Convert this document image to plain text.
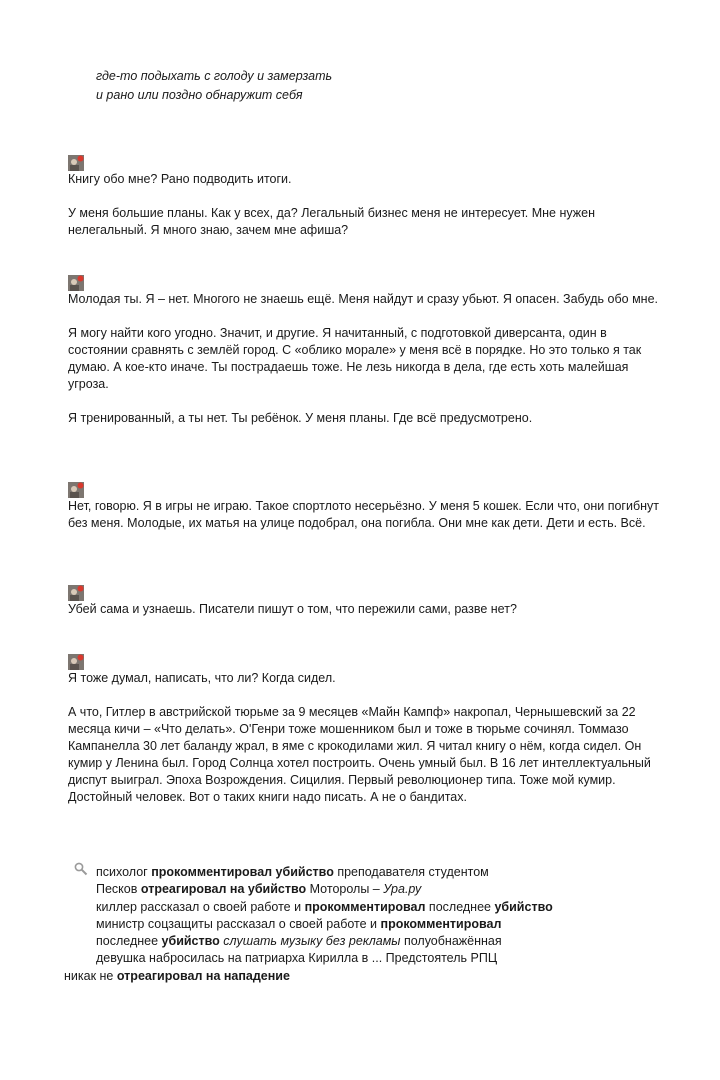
где-то подыхать с голоду и замерзать
и рано или поздно обнаружит себя

Книгу обо мне? Рано подводить итоги.

У меня большие планы. Как у всех, да? Легальный бизнес меня не интересует. Мне нужен нелегальный. Я много знаю, зачем мне афиша?

Молодая ты. Я – нет. Многого не знаешь ещё. Меня найдут и сразу убьют. Я опасен. Забудь обо мне.

Я могу найти кого угодно. Значит, и другие. Я начитанный, с подготовкой диверсанта, один в состоянии сравнять с землёй город. С «облико морале» у меня всё в порядке. Но это только я так думаю. А кое-кто иначе. Ты пострадаешь тоже. Не лезь никогда в дела, где есть хоть малейшая угроза.

Я тренированный, а ты нет. Ты ребёнок. У меня планы. Где всё предусмотрено.

Нет, говорю. Я в игры не играю. Такое спортлото несерьёзно. У меня 5 кошек. Если что, они погибнут без меня. Молодые, их матья на улице подобрал, она погибла. Они мне как дети. Дети и есть. Всё.

Убей сама и узнаешь. Писатели пишут о том, что пережили сами, разве нет?

Я тоже думал, написать, что ли? Когда сидел.

А что, Гитлер в австрийской тюрьме за 9 месяцев «Майн Кампф» накропал, Чернышевский за 22 месяца кичи – «Что делать». О'Генри тоже мошенником был и тоже в тюрьме сочинял. Томмазо Кампанелла 30 лет баланду жрал, в яме с крокодилами жил. Я читал книгу о нём, когда сидел. Он кумир у Ленина был. Город Солнца хотел построить. Очень умный был. В 16 лет интеллектуальный диспут выиграл. Эпоха Возрождения. Сицилия. Первый революционер типа. Тоже мой кумир. Достойный человек. Вот о таких книги надо писать. А не о бандитах.

психолог прокомментировал убийство преподавателя студентом
Песков отреагировал на убийство Моторолы – Ура.ру
киллер рассказал о своей работе и прокомментировал последнее убийство
министр соцзащиты рассказал о своей работе и прокомментировал
последнее убийство слушать музыку без рекламы полуобнажённая
девушка набросилась на патриарха Кирилла в ... Предстоятель РПЦ
никак не отреагировал на нападение
